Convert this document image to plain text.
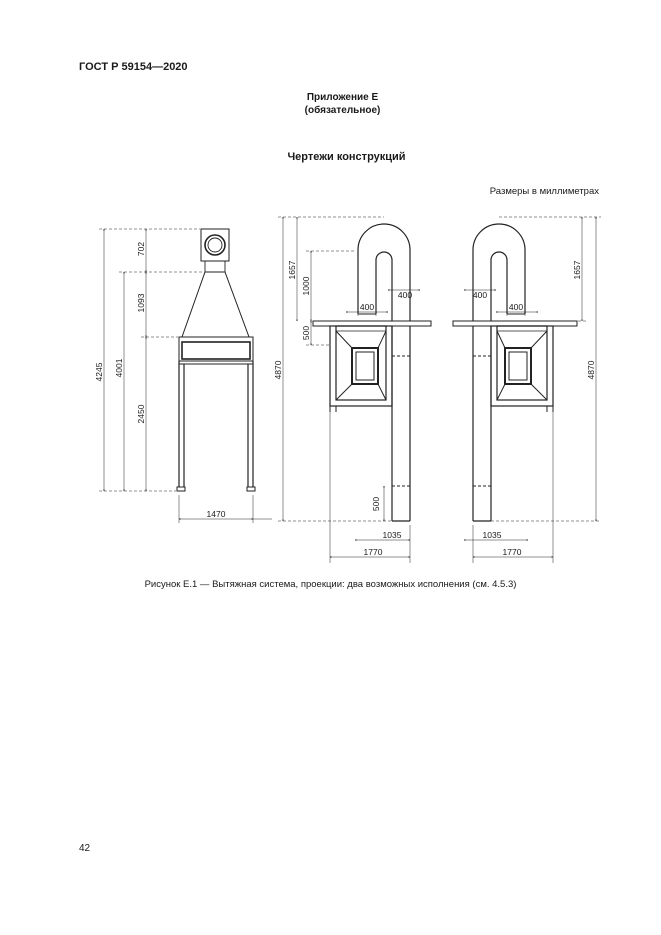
ГОСТ Р 59154—2020
Приложение Е
(обязательное)
Чертежи конструкций
Размеры в миллиметрах
4245 4001
702
1093
2450
1470
4870
1657
1000
500
400
400
500
1035
1770
4870
1657
400
400
1035
1770
Рисунок Е.1 — Вытяжная система, проекции: два возможных исполнения (см. 4.5.3)
42
